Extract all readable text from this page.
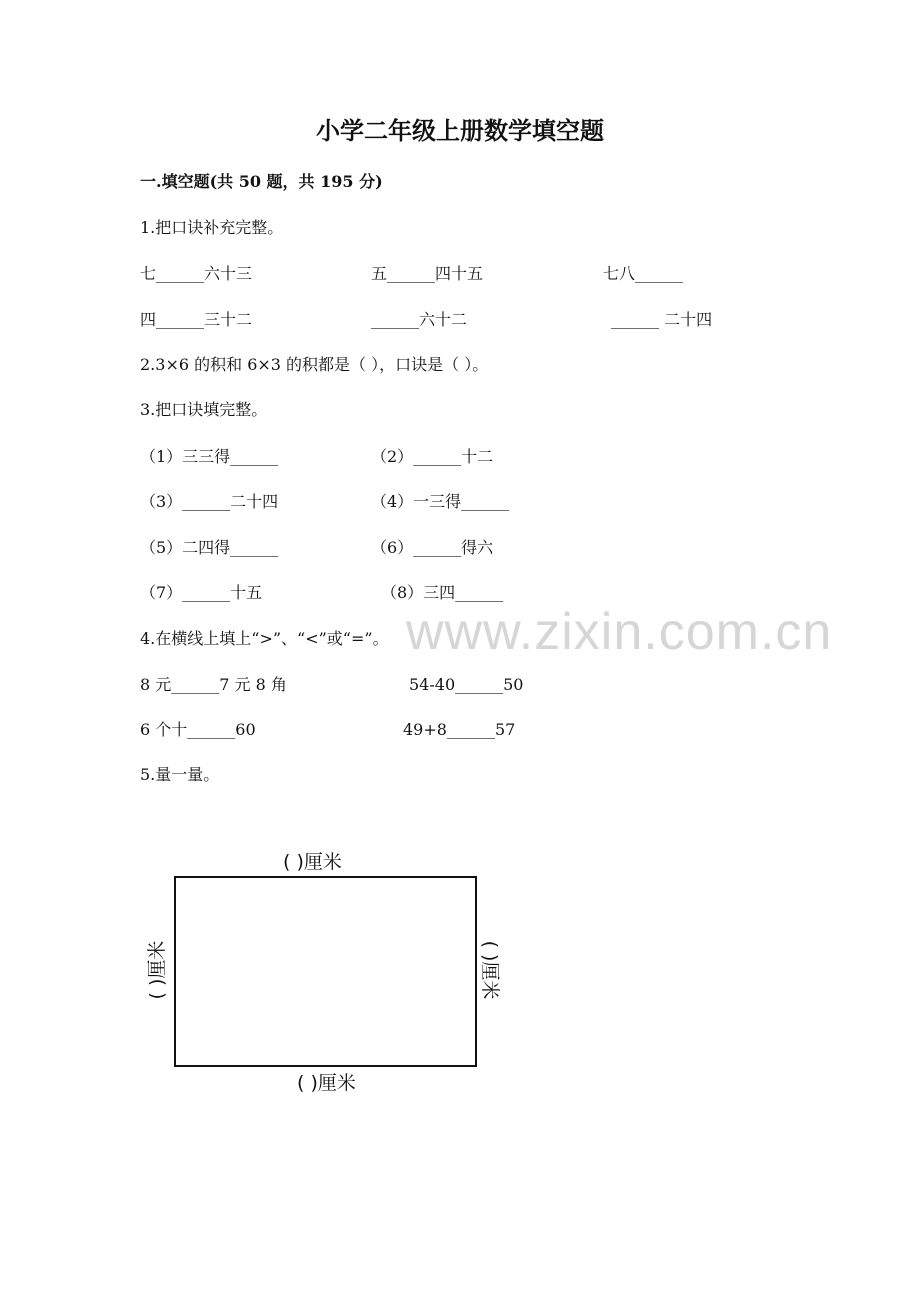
www.zixin.com.cn
小学二年级上册数学填空题
一.填空题(共 50 题，共 195 分)
1.把口诀补充完整。
七______六十三	五______四十五	七八______
四______三十二	______六十二	______ 二十四
2.3×6 的积和 6×3 的积都是（ ），口诀是（ ）。
3.把口诀填完整。
（1）三三得______	（2）______十二
（3）______二十四	（4）一三得______
（5）二四得______	（6）______得六
（7）______十五	（8）三四______
4.在横线上填上“>”、“<”或“=”。
8 元______7 元 8 角	54-40______50
6 个十______60	49+8______57
5.量一量。
( )厘米
( )厘米
( )厘米	( )厘米
